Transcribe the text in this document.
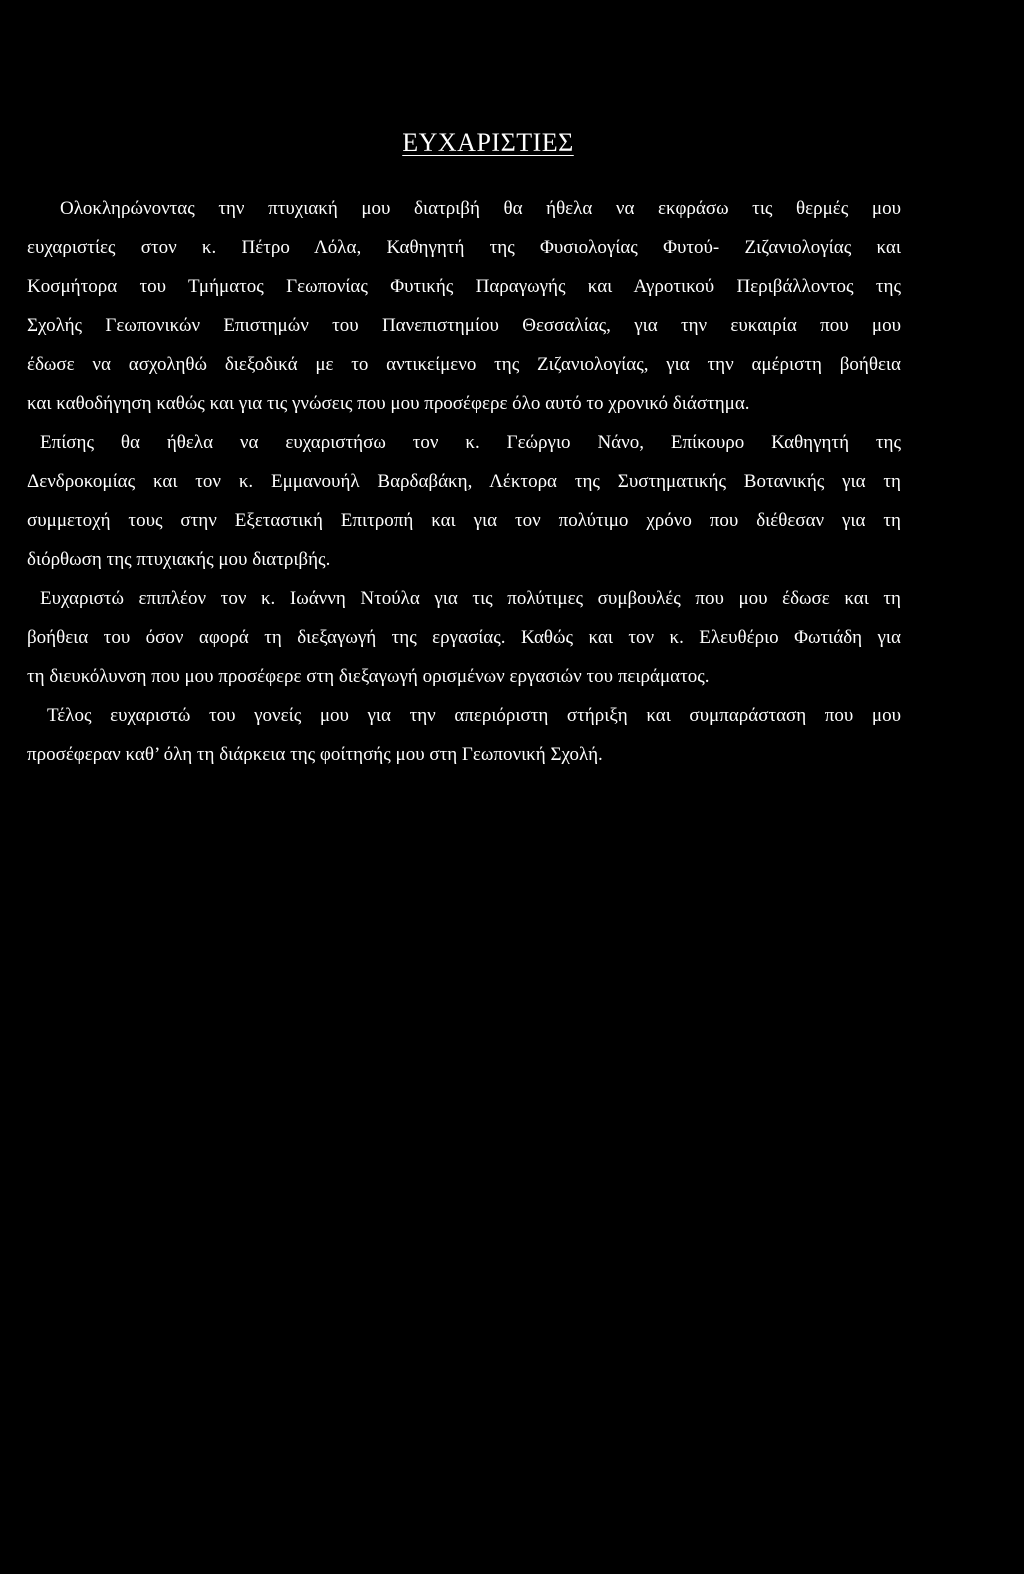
ΕΥΧΑΡΙΣΤΙΕΣ
Ολοκληρώνοντας την πτυχιακή μου διατριβή θα ήθελα να εκφράσω τις θερμές μου
ευχαριστίες στον κ. Πέτρο Λόλα, Καθηγητή της Φυσιολογίας Φυτού- Ζιζανιολογίας και
Κοσμήτορα του Τμήματος Γεωπονίας Φυτικής Παραγωγής και Αγροτικού Περιβάλλοντος της
Σχολής Γεωπονικών Επιστημών του Πανεπιστημίου Θεσσαλίας, για την ευκαιρία που μου
έδωσε να ασχοληθώ διεξοδικά με το αντικείμενο της Ζιζανιολογίας, για την αμέριστη βοήθεια
και καθοδήγηση καθώς και για τις γνώσεις που μου προσέφερε όλο αυτό το χρονικό διάστημα.
Επίσης θα ήθελα να ευχαριστήσω τον κ. Γεώργιο Νάνο, Επίκουρο Καθηγητή της
Δενδροκομίας και τον κ. Εμμανουήλ Βαρδαβάκη, Λέκτορα της Συστηματικής Βοτανικής για τη
συμμετοχή τους στην Εξεταστική Επιτροπή και για τον πολύτιμο χρόνο που διέθεσαν για τη
διόρθωση της πτυχιακής μου διατριβής.
Ευχαριστώ επιπλέον τον κ. Ιωάννη Ντούλα για τις πολύτιμες συμβουλές που μου έδωσε και τη
βοήθεια του όσον αφορά τη διεξαγωγή της εργασίας. Καθώς και τον κ. Ελευθέριο Φωτιάδη για
τη διευκόλυνση που μου προσέφερε στη διεξαγωγή ορισμένων εργασιών του πειράματος.
Τέλος ευχαριστώ του γονείς μου για την απεριόριστη στήριξη και συμπαράσταση που μου
προσέφεραν καθ’ όλη τη διάρκεια της φοίτησής μου στη Γεωπονική Σχολή.
